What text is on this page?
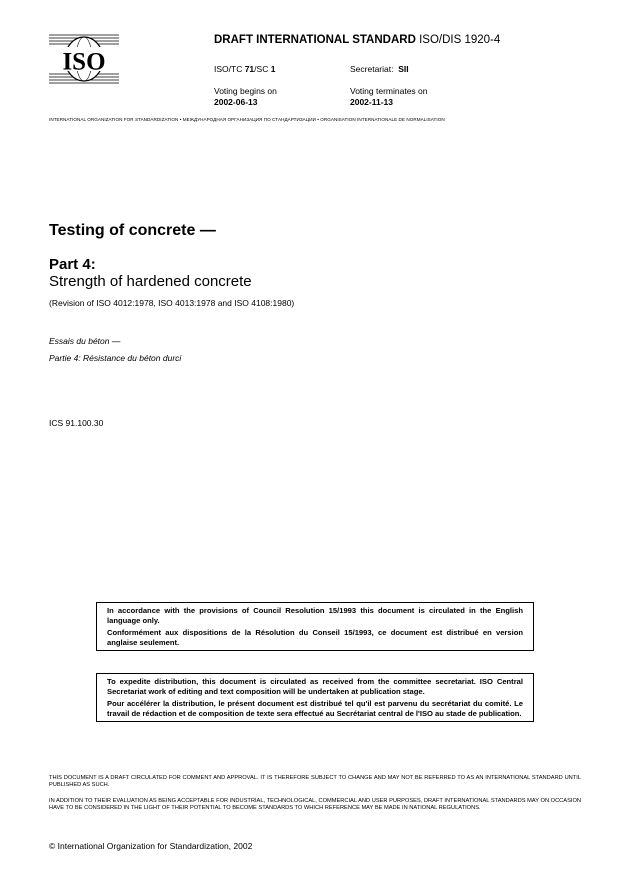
ISO
DRAFT INTERNATIONAL STANDARD ISO/DIS 1920-4
ISO/TC 71/SC 1	Secretariat: SII
Voting begins on
2002-06-13
Voting terminates on
2002-11-13
INTERNATIONAL ORGANIZATION FOR STANDARDIZATION • МЕЖДУНАРОДНАЯ ОРГАНИЗАЦИЯ ПО СТАНДАРТИЗАЦИИ • ORGANISATION INTERNATIONALE DE NORMALISATION
Testing of concrete —
Part 4:
Strength of hardened concrete
(Revision of ISO 4012:1978, ISO 4013:1978 and ISO 4108:1980)
Essais du béton —
Partie 4: Résistance du béton durci
ICS 91.100.30

In accordance with the provisions of Council Resolution 15/1993 this document is circulated in the English language only.

Conformément aux dispositions de la Résolution du Conseil 15/1993, ce document est distribué en version anglaise seulement.

To expedite distribution, this document is circulated as received from the committee secretariat. ISO Central Secretariat work of editing and text composition will be undertaken at publication stage.

Pour accélérer la distribution, le présent document est distribué tel qu'il est parvenu du secrétariat du comité. Le travail de rédaction et de composition de texte sera effectué au Secrétariat central de l'ISO au stade de publication.

THIS DOCUMENT IS A DRAFT CIRCULATED FOR COMMENT AND APPROVAL. IT IS THEREFORE SUBJECT TO CHANGE AND MAY NOT BE REFERRED TO AS AN INTERNATIONAL STANDARD UNTIL PUBLISHED AS SUCH.
IN ADDITION TO THEIR EVALUATION AS BEING ACCEPTABLE FOR INDUSTRIAL, TECHNOLOGICAL, COMMERCIAL AND USER PURPOSES, DRAFT INTERNATIONAL STANDARDS MAY ON OCCASION HAVE TO BE CONSIDERED IN THE LIGHT OF THEIR POTENTIAL TO BECOME STANDARDS TO WHICH REFERENCE MAY BE MADE IN NATIONAL REGULATIONS.
© International Organization for Standardization, 2002
